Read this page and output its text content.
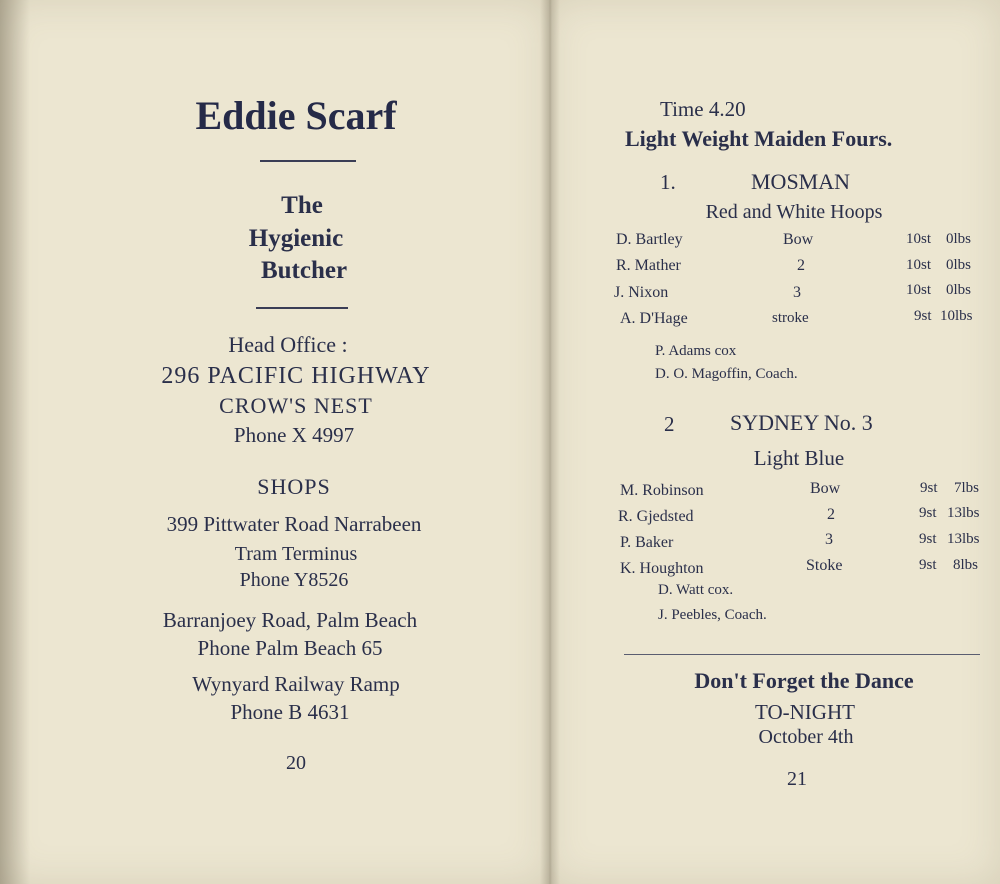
Eddie Scarf
The
Hygienic
Butcher
Head Office :
296 PACIFIC HIGHWAY
CROW'S NEST
Phone X 4997
SHOPS
399 Pittwater Road Narrabeen
Tram Terminus
Phone Y8526
Barranjoey Road, Palm Beach
Phone Palm Beach 65
Wynyard Railway Ramp
Phone B 4631
20
Time 4.20
Light Weight Maiden Fours.
1.	MOSMAN
Red and White Hoops
D. Bartley	Bow	10st 0lbs
R. Mather	2	10st 0lbs
J. Nixon	3	10st 0lbs
A. D'Hage	stroke	9st 10lbs
P. Adams cox
D. O. Magoffin, Coach.
2	SYDNEY No. 3
Light Blue
M. Robinson	Bow	9st 7lbs
R. Gjedsted	2	9st 13lbs
P. Baker	3	9st 13lbs
K. Houghton	Stoke	9st 8lbs
D. Watt cox.
J. Peebles, Coach.
Don't Forget the Dance
TO-NIGHT
October 4th
21
